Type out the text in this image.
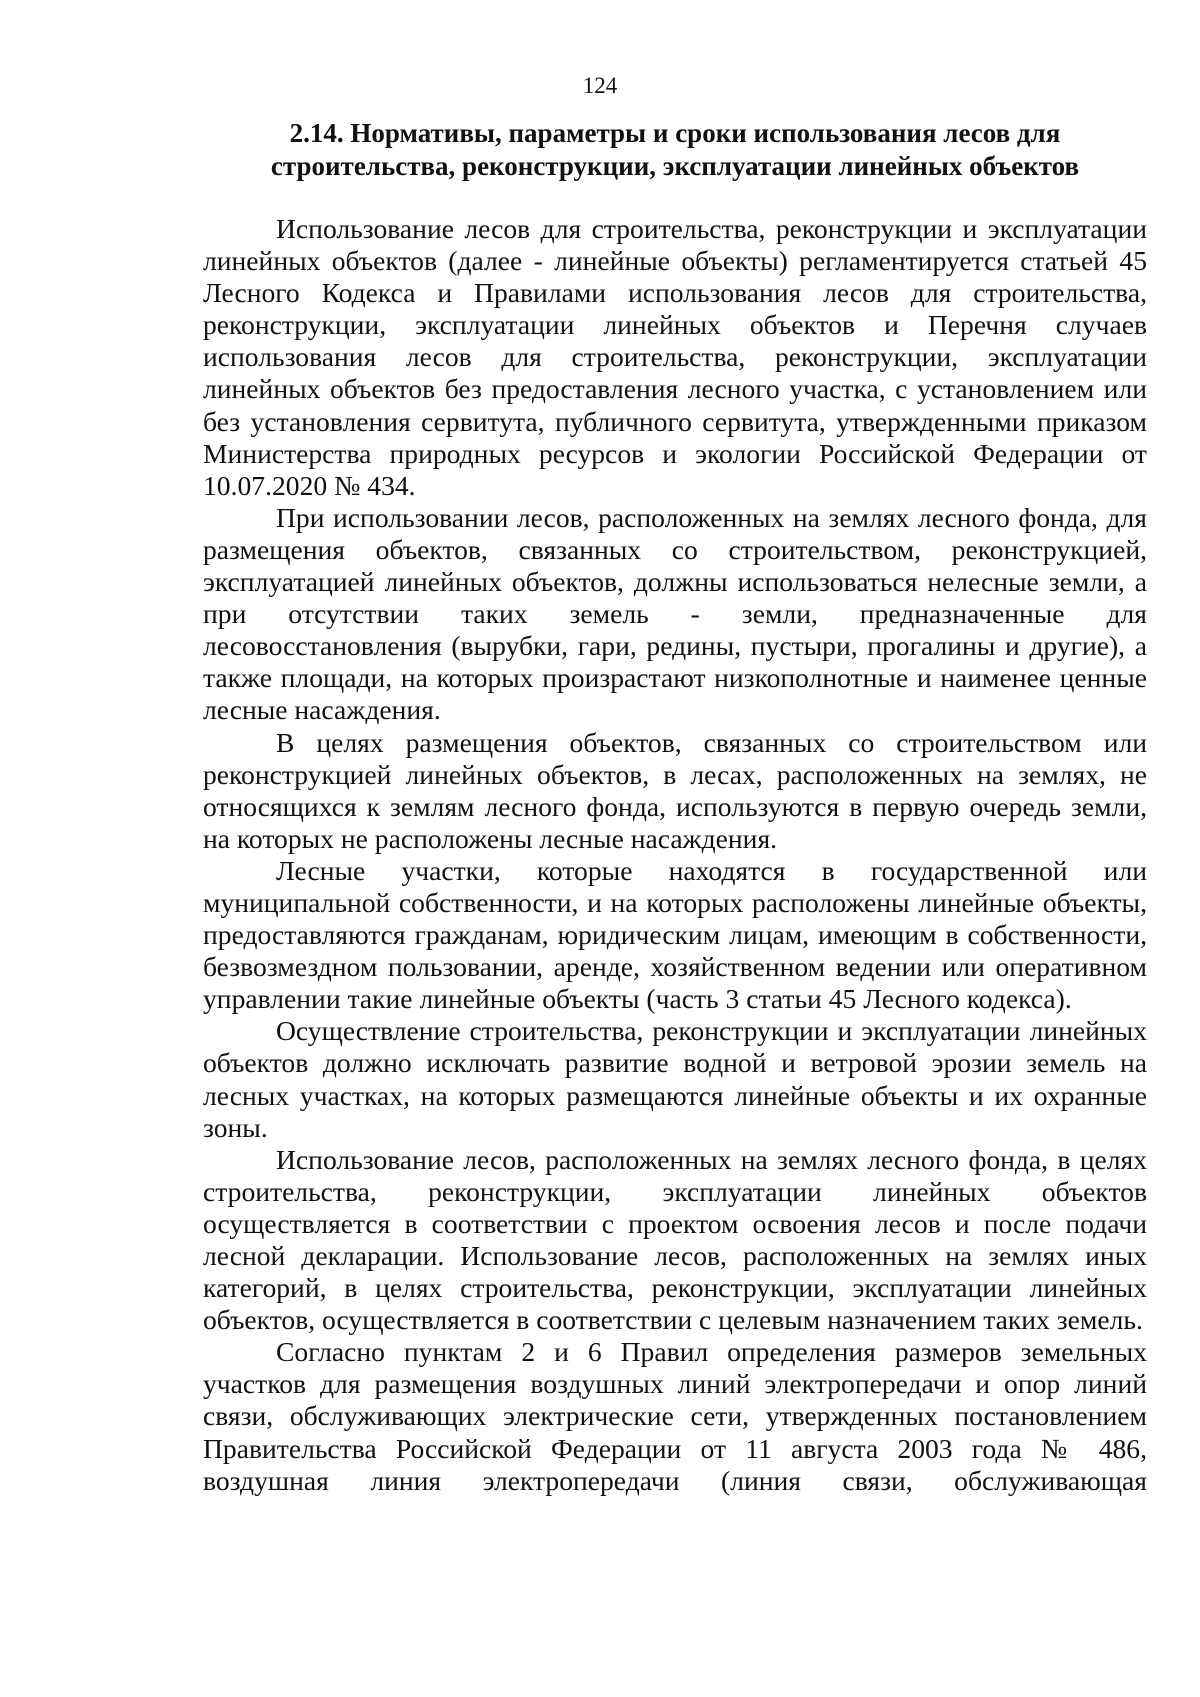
124
2.14. Нормативы, параметры и сроки использования лесов для
строительства, реконструкции, эксплуатации линейных объектов

Использование лесов для строительства, реконструкции и эксплуатации линейных объектов (далее - линейные объекты) регламентируется статьей 45 Лесного Кодекса и Правилами использования лесов для строительства, реконструкции, эксплуатации линейных объектов и Перечня случаев использования лесов для строительства, реконструкции, эксплуатации линейных объектов без предоставления лесного участка, с установлением или без установления сервитута, публичного сервитута, утвержденными приказом Министерства природных ресурсов и экологии Российской Федерации от 10.07.2020 № 434.

При использовании лесов, расположенных на землях лесного фонда, для размещения объектов, связанных со строительством, реконструкцией, эксплуатацией линейных объектов, должны использоваться нелесные земли, а при отсутствии таких земель - земли, предназначенные для лесовосстановления (вырубки, гари, редины, пустыри, прогалины и другие), а также площади, на которых произрастают низкополнотные и наименее ценные лесные насаждения.

В целях размещения объектов, связанных со строительством или реконструкцией линейных объектов, в лесах, расположенных на землях, не относящихся к землям лесного фонда, используются в первую очередь земли, на которых не расположены лесные насаждения.

Лесные участки, которые находятся в государственной или муниципальной собственности, и на которых расположены линейные объекты, предоставляются гражданам, юридическим лицам, имеющим в собственности, безвозмездном пользовании, аренде, хозяйственном ведении или оперативном управлении такие линейные объекты (часть 3 статьи 45 Лесного кодекса).

Осуществление строительства, реконструкции и эксплуатации линейных объектов должно исключать развитие водной и ветровой эрозии земель на лесных участках, на которых размещаются линейные объекты и их охранные зоны.

Использование лесов, расположенных на землях лесного фонда, в целях строительства, реконструкции, эксплуатации линейных объектов осуществляется в соответствии с проектом освоения лесов и после подачи лесной декларации. Использование лесов, расположенных на землях иных категорий, в целях строительства, реконструкции, эксплуатации линейных объектов, осуществляется в соответствии с целевым назначением таких земель.

Согласно пунктам 2 и 6 Правил определения размеров земельных участков для размещения воздушных линий электропередачи и опор линий связи, обслуживающих электрические сети, утвержденных постановлением Правительства Российской Федерации от 11 августа 2003 года № 486, воздушная линия электропередачи (линия связи, обслуживающая
